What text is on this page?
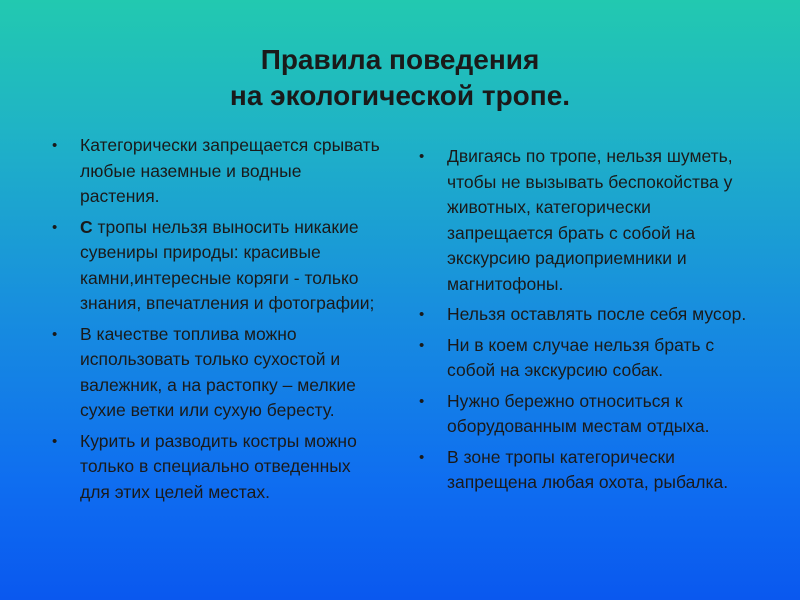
Правила поведения
на экологической тропе.
•	Категорически запрещается срывать любые наземные и водные растения.
•	С тропы нельзя выносить никакие сувениры природы: красивые камни,интересные коряги - только знания, впечатления и фотографии;
•	В качестве топлива можно использовать только сухостой и валежник, а на растопку – мелкие сухие ветки или сухую бересту.
•	Курить и разводить костры можно только в специально отведенных для этих целей местах.
•	Двигаясь по тропе, нельзя шуметь, чтобы не вызывать беспокойства у животных, категорически запрещается брать с собой на экскурсию радиоприемники и магнитофоны.
•	Нельзя оставлять после себя мусор.
•	Ни в коем случае нельзя брать с собой на экскурсию собак.
•	Нужно бережно относиться к оборудованным местам отдыха.
•	В зоне тропы категорически запрещена любая охота, рыбалка.
